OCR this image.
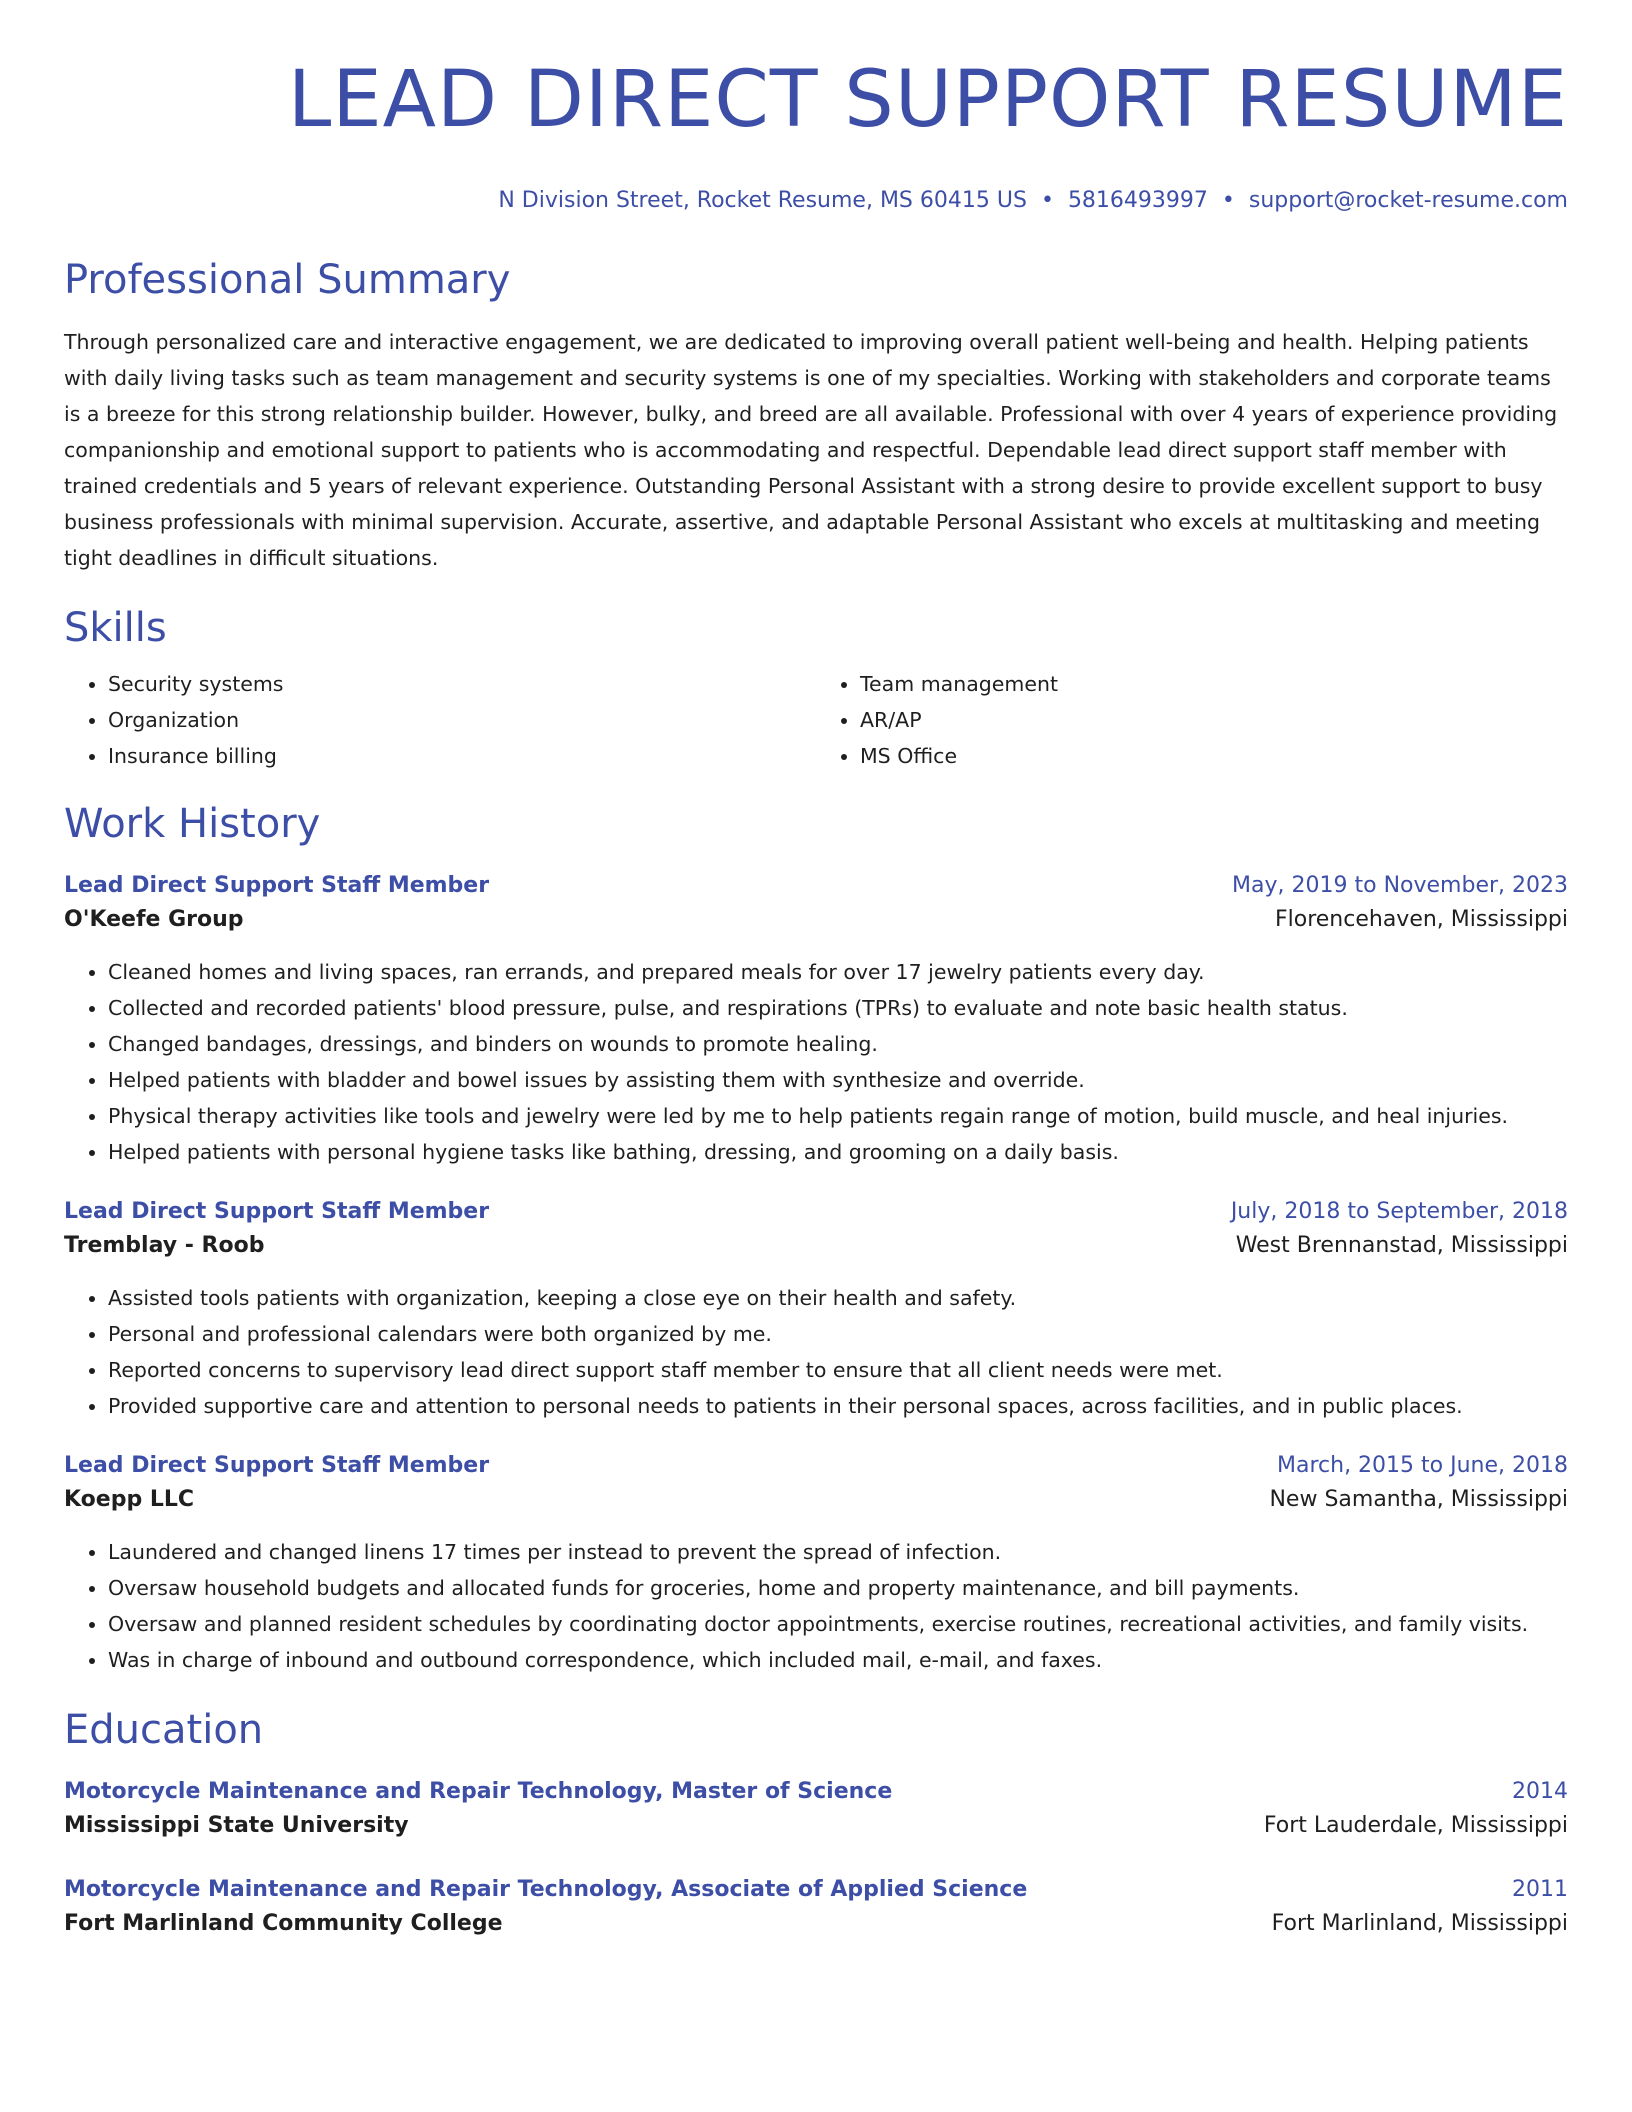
LEAD DIRECT SUPPORT RESUME
N Division Street, Rocket Resume, MS 60415 US • 5816493997 • support@rocket-resume.com
Professional Summary
Through personalized care and interactive engagement, we are dedicated to improving overall patient well-being and health. Helping patients with daily living tasks such as team management and security systems is one of my specialties. Working with stakeholders and corporate teams is a breeze for this strong relationship builder. However, bulky, and breed are all available. Professional with over 4 years of experience providing companionship and emotional support to patients who is accommodating and respectful. Dependable lead direct support staff member with trained credentials and 5 years of relevant experience. Outstanding Personal Assistant with a strong desire to provide excellent support to busy business professionals with minimal supervision. Accurate, assertive, and adaptable Personal Assistant who excels at multitasking and meeting tight deadlines in difficult situations.
Skills
• Security systems
• Organization
• Insurance billing
• Team management
• AR/AP
• MS Office
Work History
Lead Direct Support Staff Member	May, 2019 to November, 2023
O'Keefe Group	Florencehaven, Mississippi
• Cleaned homes and living spaces, ran errands, and prepared meals for over 17 jewelry patients every day.
• Collected and recorded patients' blood pressure, pulse, and respirations (TPRs) to evaluate and note basic health status.
• Changed bandages, dressings, and binders on wounds to promote healing.
• Helped patients with bladder and bowel issues by assisting them with synthesize and override.
• Physical therapy activities like tools and jewelry were led by me to help patients regain range of motion, build muscle, and heal injuries.
• Helped patients with personal hygiene tasks like bathing, dressing, and grooming on a daily basis.
Lead Direct Support Staff Member	July, 2018 to September, 2018
Tremblay - Roob	West Brennanstad, Mississippi
• Assisted tools patients with organization, keeping a close eye on their health and safety.
• Personal and professional calendars were both organized by me.
• Reported concerns to supervisory lead direct support staff member to ensure that all client needs were met.
• Provided supportive care and attention to personal needs to patients in their personal spaces, across facilities, and in public places.
Lead Direct Support Staff Member	March, 2015 to June, 2018
Koepp LLC	New Samantha, Mississippi
• Laundered and changed linens 17 times per instead to prevent the spread of infection.
• Oversaw household budgets and allocated funds for groceries, home and property maintenance, and bill payments.
• Oversaw and planned resident schedules by coordinating doctor appointments, exercise routines, recreational activities, and family visits.
• Was in charge of inbound and outbound correspondence, which included mail, e-mail, and faxes.
Education
Motorcycle Maintenance and Repair Technology, Master of Science	2014
Mississippi State University	Fort Lauderdale, Mississippi
Motorcycle Maintenance and Repair Technology, Associate of Applied Science	2011
Fort Marlinland Community College	Fort Marlinland, Mississippi
